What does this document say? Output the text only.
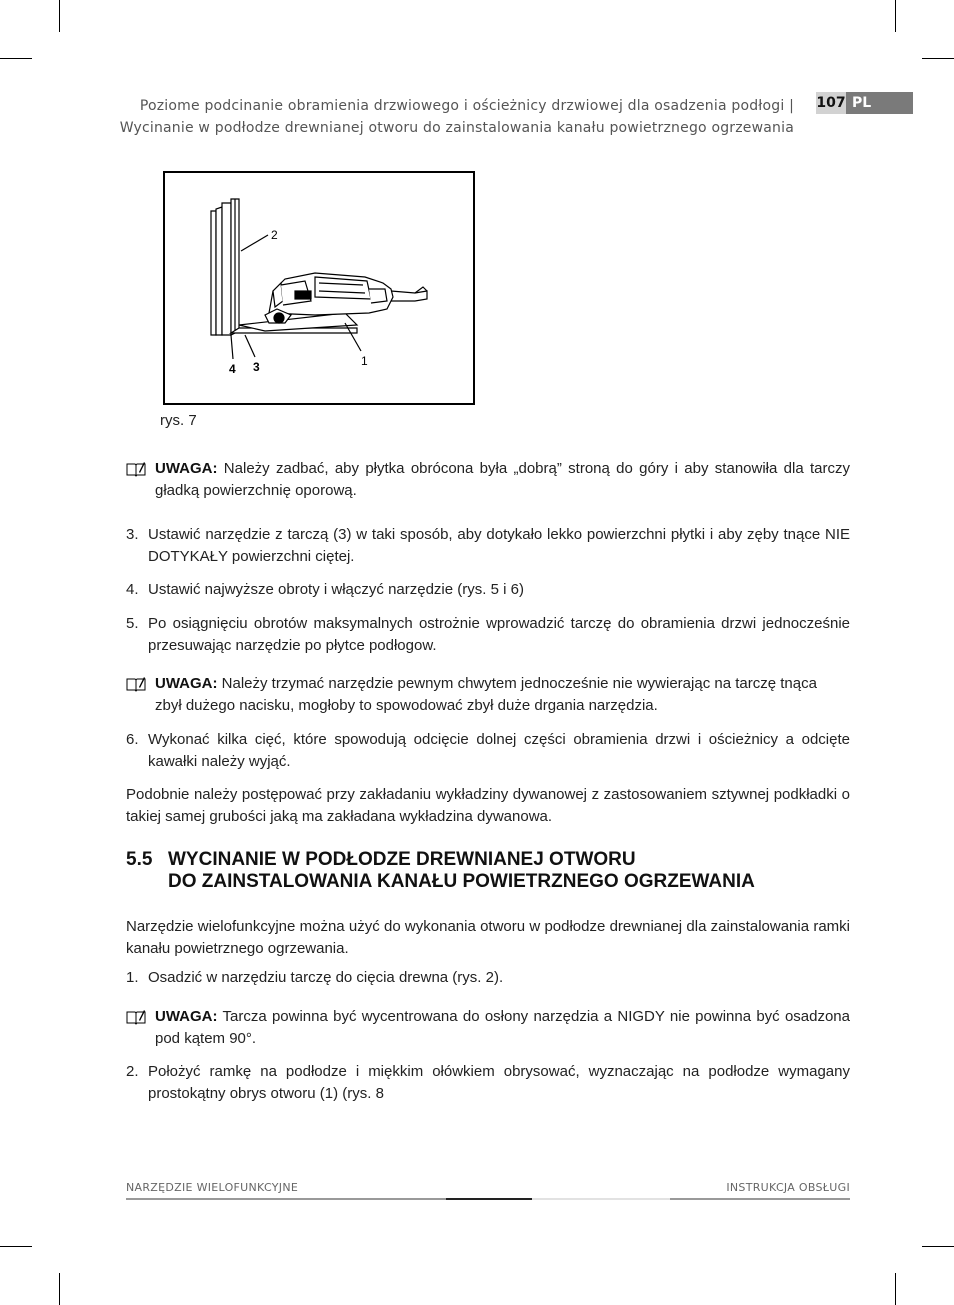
Poziome podcinanie obramienia drzwiowego i ościeżnicy drzwiowej dla osadzenia podłogi |
Wycinanie w podłodze drewnianej otworu do zainstalowania kanału powietrznego ogrzewania
107 PL
2
1
3
4
rys. 7
UWAGA: Należy zadbać, aby płytka obrócona była „dobrą” stroną do góry i aby stanowiła dla tarczy gładką powierzchnię oporową.
3. Ustawić narzędzie z tarczą (3) w taki sposób, aby dotykało lekko powierzchni płytki i aby zęby tnące NIE DOTYKAŁY powierzchni ciętej.
4. Ustawić najwyższe obroty i włączyć narzędzie (rys. 5 i 6)
5. Po osiągnięciu obrotów maksymalnych ostrożnie wprowadzić tarczę do obramienia drzwi jednocześnie przesuwając narzędzie po płytce podłogow.
UWAGA: Należy trzymać narzędzie pewnym chwytem jednocześnie nie wywierając na tarczę tnąca
zbył dużego nacisku, mogłoby to spowodować zbył duże drgania narzędzia.
6. Wykonać kilka cięć, które spowodują odcięcie dolnej części obramienia drzwi i ościeżnicy a odcięte kawałki należy wyjąć.
Podobnie należy postępować przy zakładaniu wykładziny dywanowej z zastosowaniem sztywnej podkładki o takiej samej grubości jaką ma zakładana wykładzina dywanowa.
5.5 WYCINANIE W PODŁODZE DREWNIANEJ OTWORU
DO ZAINSTALOWANIA KANAŁU POWIETRZNEGO OGRZEWANIA
Narzędzie wielofunkcyjne można użyć do wykonania otworu w podłodze drewnianej dla zainstalowania ramki kanału powietrznego ogrzewania.
1. Osadzić w narzędziu tarczę do cięcia drewna (rys. 2).
UWAGA: Tarcza powinna być wycentrowana do osłony narzędzia a NIGDY nie powinna być osadzona pod kątem 90°.
2. Położyć ramkę na podłodze i miękkim ołówkiem obrysować, wyznaczając na podłodze wymagany prostokątny obrys otworu (1) (rys. 8
NARZĘDZIE WIELOFUNKCYJNE	INSTRUKCJA OBSŁUGI
